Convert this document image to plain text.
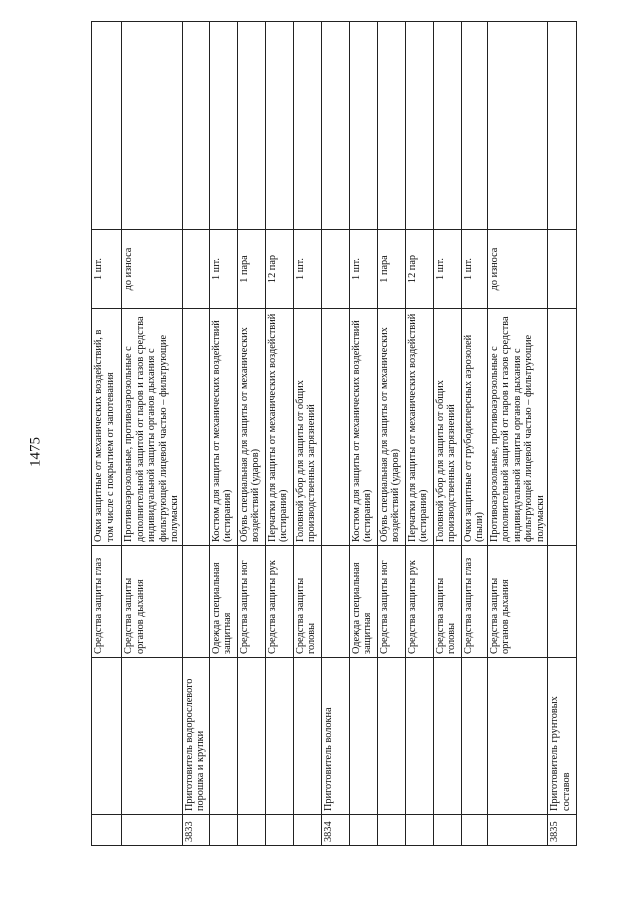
1475
		Средства защиты глаз	Очки защитные от механических воздействий, в том числе с покрытием от запотевания	1 шт.	
		Средства защиты органов дыхания	Противоаэрозольные, противоаэрозольные с дополнительной защитой от паров и газов средства индивидуальной защиты органов дыхания с фильтрующей лицевой частью – фильтрующие полумаски	до износа	
3833	Приготовитель водорослевого порошка и крупки				
		Одежда специальная защитная	Костюм для защиты от механических воздействий (истирания)	1 шт.	
		Средства защиты ног	Обувь специальная для защиты от механических воздействий (ударов)	1 пара	
		Средства защиты рук	Перчатки для защиты от механических воздействий (истирания)	12 пар	
		Средства защиты головы	Головной убор для защиты от общих производственных загрязнений	1 шт.	
3834	Приготовитель волокна				
		Одежда специальная защитная	Костюм для защиты от механических воздействий (истирания)	1 шт.	
		Средства защиты ног	Обувь специальная для защиты от механических воздействий (ударов)	1 пара	
		Средства защиты рук	Перчатки для защиты от механических воздействий (истирания)	12 пар	
		Средства защиты головы	Головной убор для защиты от общих производственных загрязнений	1 шт.	
		Средства защиты глаз	Очки защитные от грубодисперсных аэрозолей (пыли)	1 шт.	
		Средства защиты органов дыхания	Противоаэрозольные, противоаэрозольные с дополнительной защитой от паров и газов средства индивидуальной защиты органов дыхания с фильтрующей лицевой частью – фильтрующие полумаски	до износа	
3835	Приготовитель грунтовых составов				
